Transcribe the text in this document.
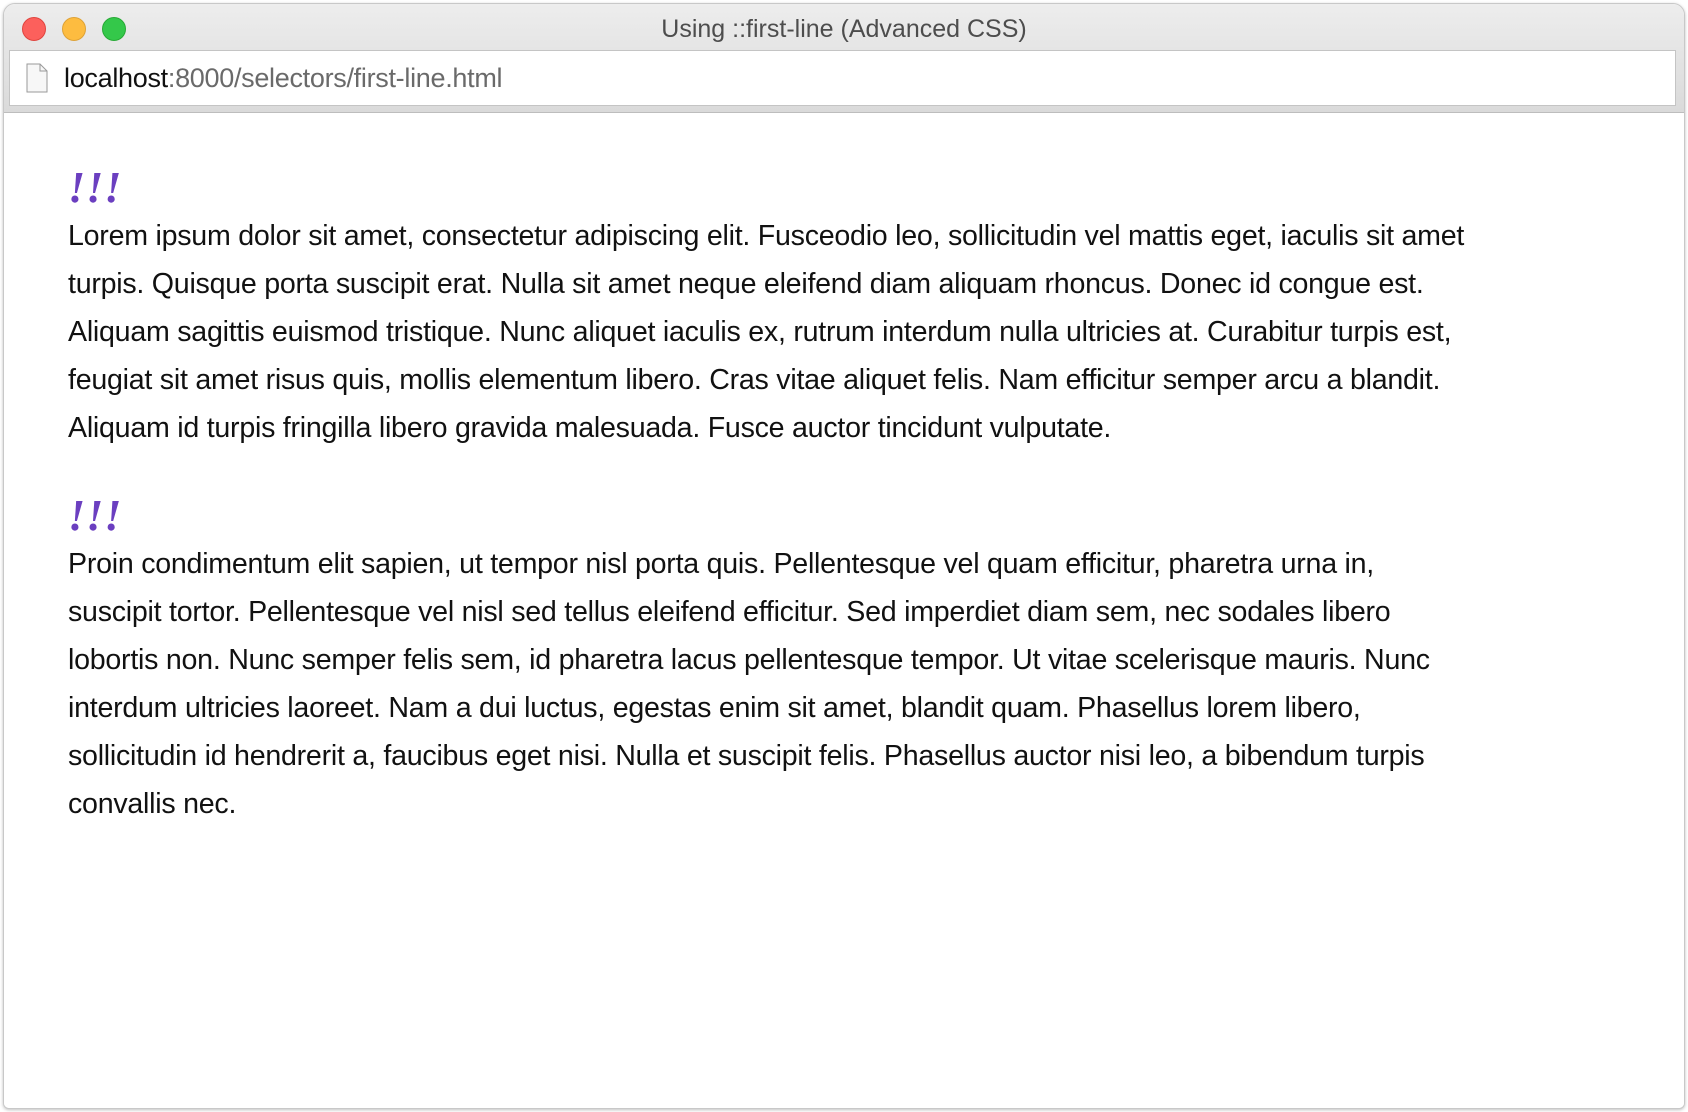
Using ::first-line (Advanced CSS)
localhost:8000/selectors/first-line.html
!!!
Lorem ipsum dolor sit amet, consectetur adipiscing elit. Fusceodio leo, sollicitudin vel mattis eget, iaculis sit amet
turpis. Quisque porta suscipit erat. Nulla sit amet neque eleifend diam aliquam rhoncus. Donec id congue est.
Aliquam sagittis euismod tristique. Nunc aliquet iaculis ex, rutrum interdum nulla ultricies at. Curabitur turpis est,
feugiat sit amet risus quis, mollis elementum libero. Cras vitae aliquet felis. Nam efficitur semper arcu a blandit.
Aliquam id turpis fringilla libero gravida malesuada. Fusce auctor tincidunt vulputate.
!!!
Proin condimentum elit sapien, ut tempor nisl porta quis. Pellentesque vel quam efficitur, pharetra urna in,
suscipit tortor. Pellentesque vel nisl sed tellus eleifend efficitur. Sed imperdiet diam sem, nec sodales libero
lobortis non. Nunc semper felis sem, id pharetra lacus pellentesque tempor. Ut vitae scelerisque mauris. Nunc
interdum ultricies laoreet. Nam a dui luctus, egestas enim sit amet, blandit quam. Phasellus lorem libero,
sollicitudin id hendrerit a, faucibus eget nisi. Nulla et suscipit felis. Phasellus auctor nisi leo, a bibendum turpis
convallis nec.
